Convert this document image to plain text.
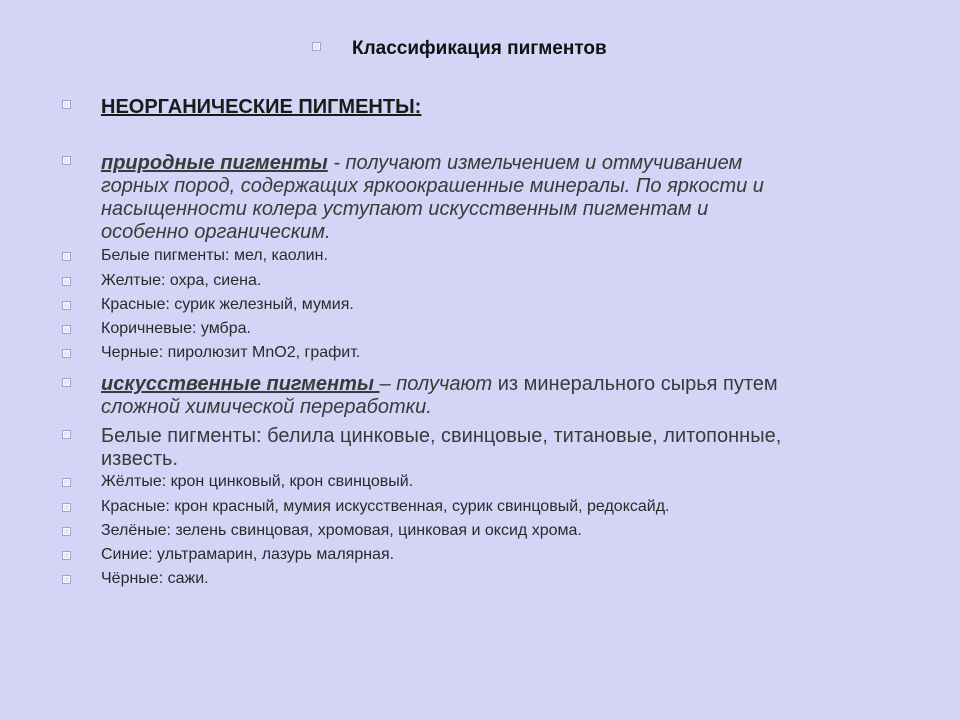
Классификация пигментов
НЕОРГАНИЧЕСКИЕ ПИГМЕНТЫ:
природные пигменты - получают измельчением и отмучиванием
горных пород, содержащих яркоокрашенные минералы. По яркости и
насыщенности колера уступают искусственным пигментам и
особенно органическим.
Белые пигменты: мел, каолин.
Желтые: охра, сиена.
Красные: сурик железный, мумия.
Коричневые: умбра.
Черные: пиролюзит MnO2, графит.
искусственные пигменты – получают из минерального сырья путем
сложной химической переработки.
Белые пигменты: белила цинковые, свинцовые, титановые, литопонные,
известь.
Жёлтые: крон цинковый, крон свинцовый.
Красные: крон красный, мумия искусственная, сурик свинцовый, редоксайд.
Зелёные: зелень свинцовая, хромовая, цинковая и оксид хрома.
Синие: ультрамарин, лазурь малярная.
Чёрные: сажи.
